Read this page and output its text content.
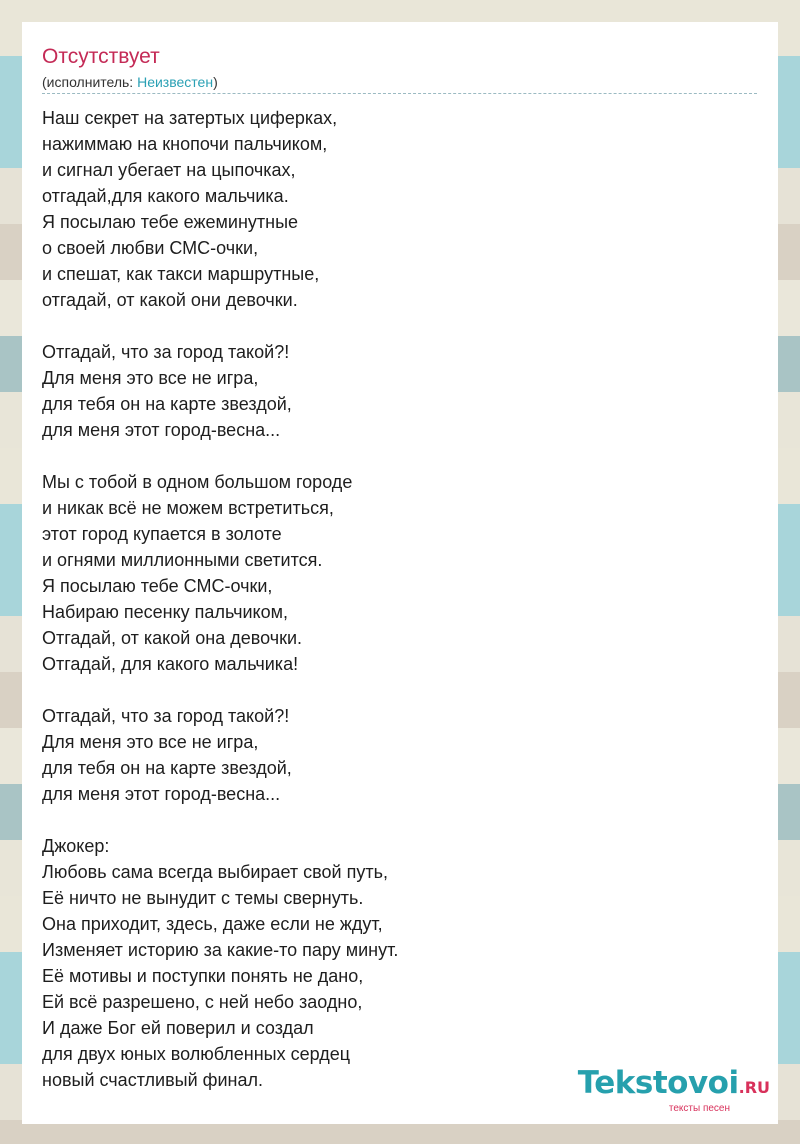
Отсутствует
(исполнитель: Неизвестен)
Наш секрет на затертых циферках,
нажиммаю на кнопочи пальчиком,
и сигнал убегает на цыпочках,
отгадай,для какого мальчика.
Я посылаю тебе ежеминутные
о своей любви СМС-очки,
и спешат, как такси маршрутные,
отгадай, от какой они девочки.

Отгадай, что за город такой?!
Для меня это все не игра,
для тебя он на карте звездой,
для меня этот город-весна...

Мы с тобой в одном большом городе
и никак всё не можем встретиться,
этот город купается в золоте
и огнями миллионными светится.
Я посылаю тебе СМС-очки,
Набираю песенку пальчиком,
Отгадай, от какой она девочки.
Отгадай, для какого мальчика!

Отгадай, что за город такой?!
Для меня это все не игра,
для тебя он на карте звездой,
для меня этот город-весна...

Джокер:
Любовь сама всегда выбирает свой путь,
Её ничто не вынудит с темы свернуть.
Она приходит, здесь, даже если не ждут,
Изменяет историю за какие-то пару минут.
Её мотивы и поступки понять не дано,
Ей всё разрешено, с ней небо заодно,
И даже Бог ей поверил и создал
для двух юных волюбленных сердец
новый счастливый финал.	Tekstovoi.RU
тексты песен
